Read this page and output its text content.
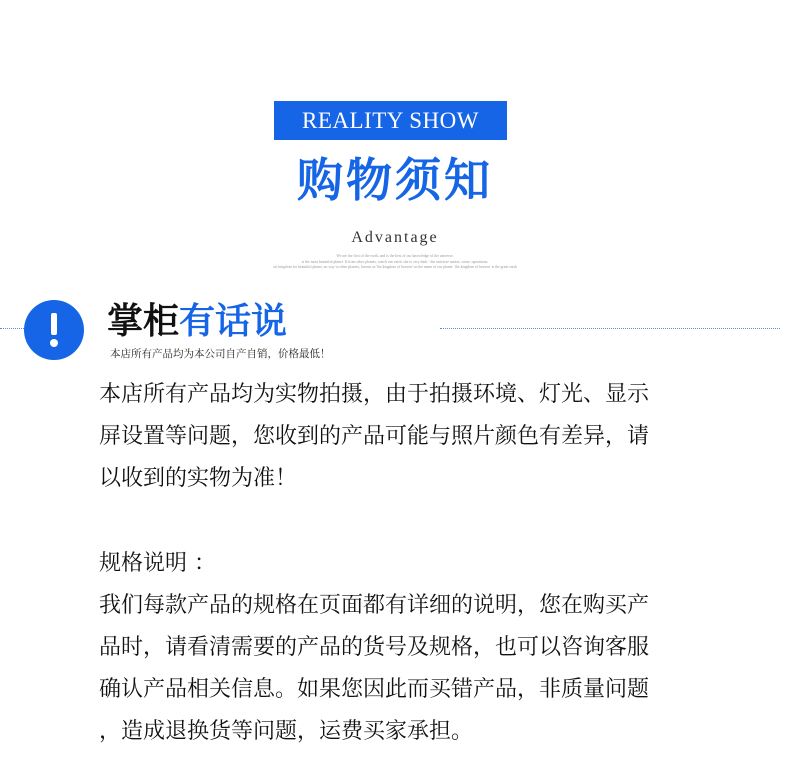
REALITY SHOW
购物须知
Advantage
We are the first of the earth, and is the best of our knowledge of the universe.
is the most beautiful planet. If from other planets, watch our earth, she is very dark - the universe nation, scene, operations.
air kingdom for beautiful planet, no way to other planets, known as 'the kingdom of heaven' on the name of our planet. 'the kingdom of heaven' is the great earth
掌柜有话说
本店所有产品均为本公司自产自销，价格最低！
本店所有产品均为实物拍摄，由于拍摄环境、灯光、显示
屏设置等问题，您收到的产品可能与照片颜色有差异，请
以收到的实物为准！
规格说明 ：
我们每款产品的规格在页面都有详细的说明，您在购买产
品时，请看清需要的产品的货号及规格，也可以咨询客服
确认产品相关信息。如果您因此而买错产品，非质量问题
，造成退换货等问题，运费买家承担。
